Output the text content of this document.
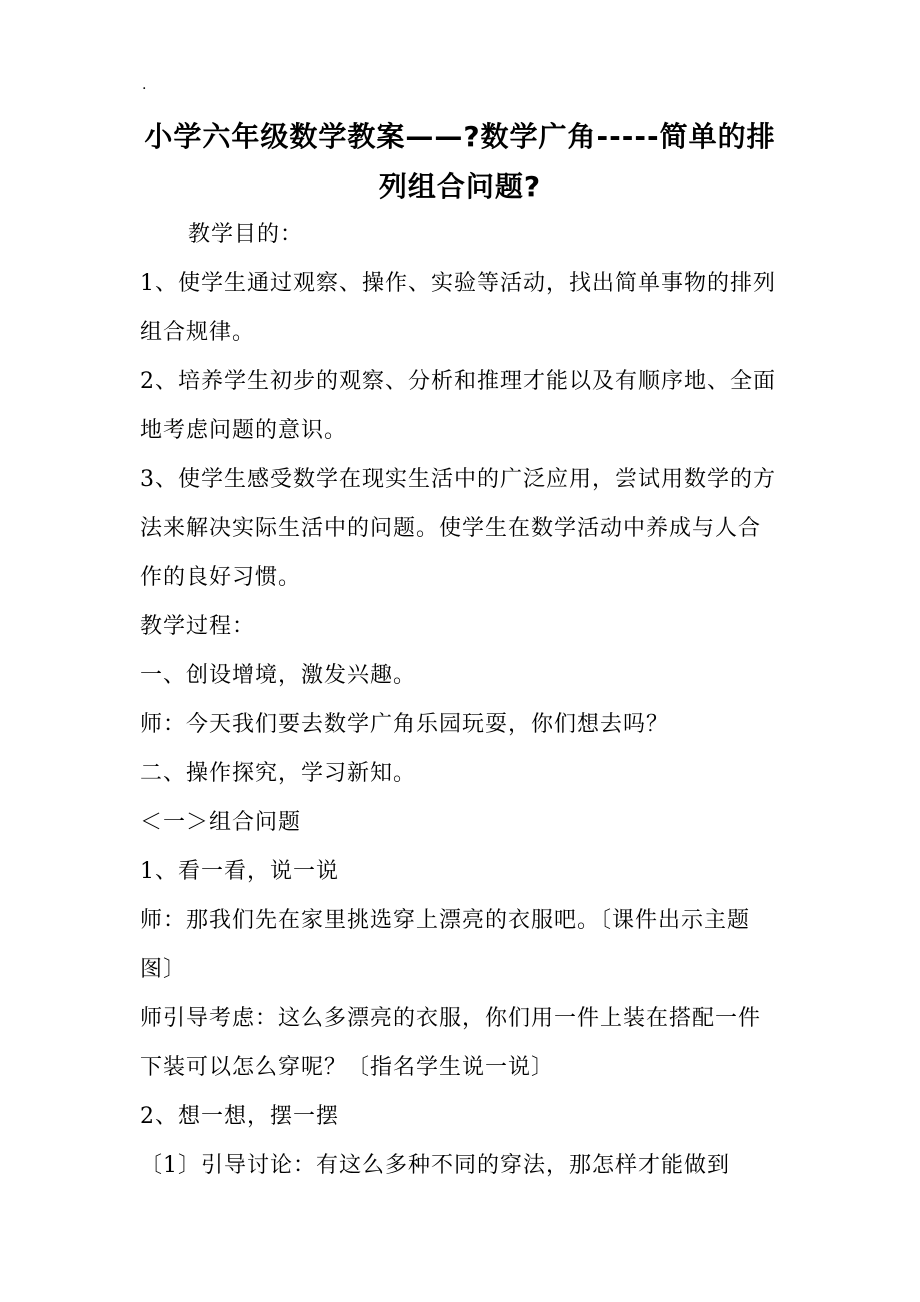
.
小学六年级数学教案——?数学广角-----简单的排列组合问题?

教学目的：

1、使学生通过观察、操作、实验等活动，找出简单事物的排列组合规律。

2、培养学生初步的观察、分析和推理才能以及有顺序地、全面地考虑问题的意识。

3、使学生感受数学在现实生活中的广泛应用，尝试用数学的方法来解决实际生活中的问题。使学生在数学活动中养成与人合作的良好习惯。

教学过程：

一、创设增境，激发兴趣。

师：今天我们要去数学广角乐园玩耍，你们想去吗？

二、操作探究，学习新知。

＜一＞组合问题

1、看一看，说一说

师：那我们先在家里挑选穿上漂亮的衣服吧。〔课件出示主题图〕

师引导考虑：这么多漂亮的衣服，你们用一件上装在搭配一件下装可以怎么穿呢？〔指名学生说一说〕

2、想一想，摆一摆

〔1〕引导讨论：有这么多种不同的穿法，那怎样才能做到
